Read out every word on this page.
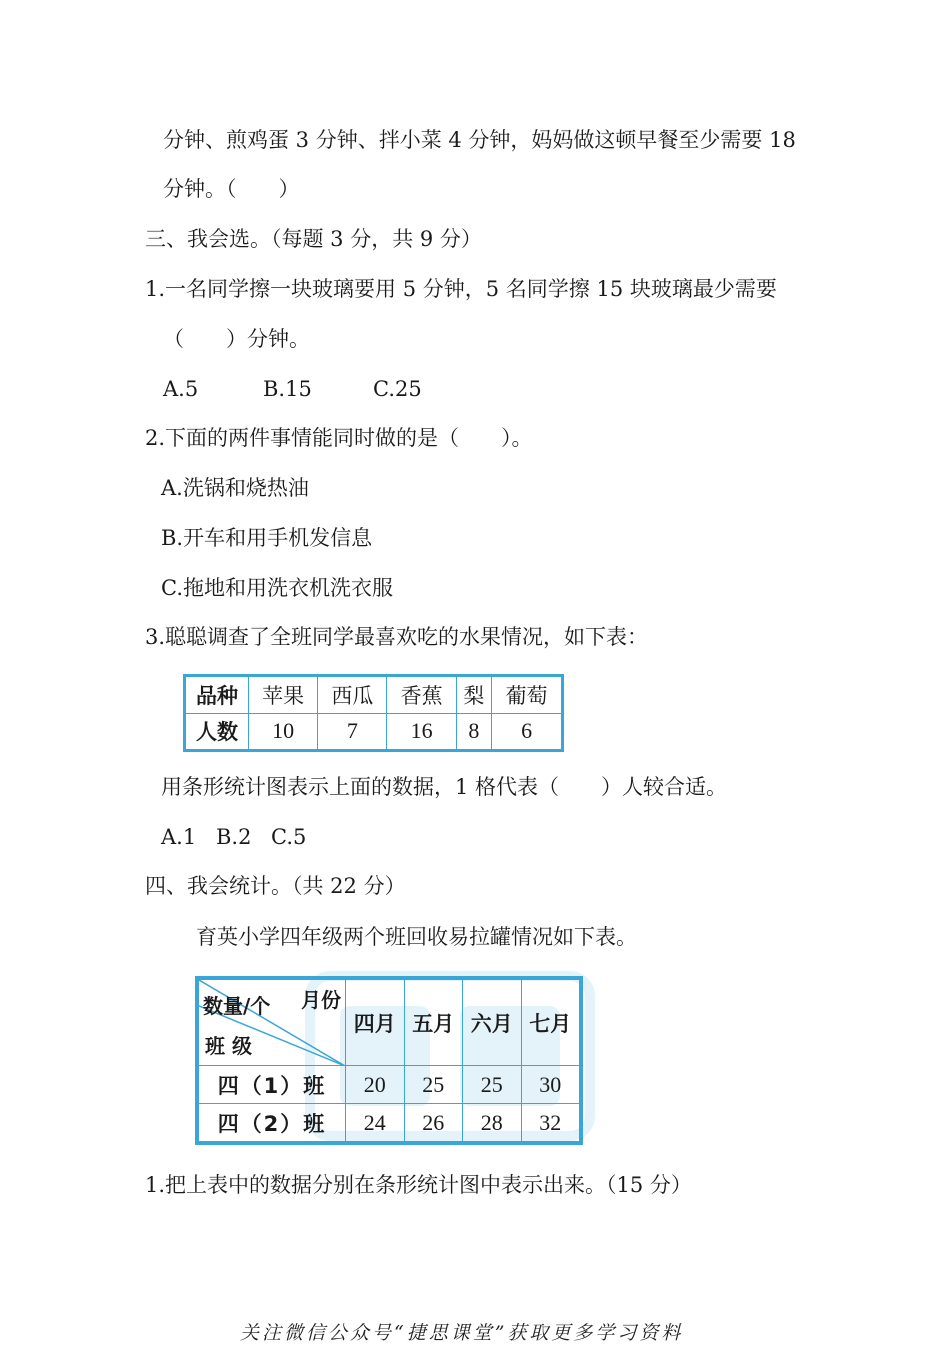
分钟、煎鸡蛋 3 分钟、拌小菜 4 分钟，妈妈做这顿早餐至少需要 18
分钟。（　　）
三、我会选。（每题 3 分，共 9 分）
1.一名同学擦一块玻璃要用 5 分钟，5 名同学擦 15 块玻璃最少需要
（　　）分钟。
A.5	B.15	C.25
2.下面的两件事情能同时做的是（　　）。
A.洗锅和烧热油
B.开车和用手机发信息
C.拖地和用洗衣机洗衣服
3.聪聪调查了全班同学最喜欢吃的水果情况，如下表：
品种	苹果	西瓜	香蕉	梨	葡萄
人数	10	7	16	8	6
用条形统计图表示上面的数据，1 格代表（　　）人较合适。
A.1 B.2 C.5
四、我会统计。（共 22 分）
育英小学四年级两个班回收易拉罐情况如下表。
数量/个 月份
班 级	四月	五月	六月	七月
四（1）班	20	25	25	30
四（2）班	24	26	28	32
1.把上表中的数据分别在条形统计图中表示出来。（15 分）
关注微信公众号“捷思课堂”获取更多学习资料
